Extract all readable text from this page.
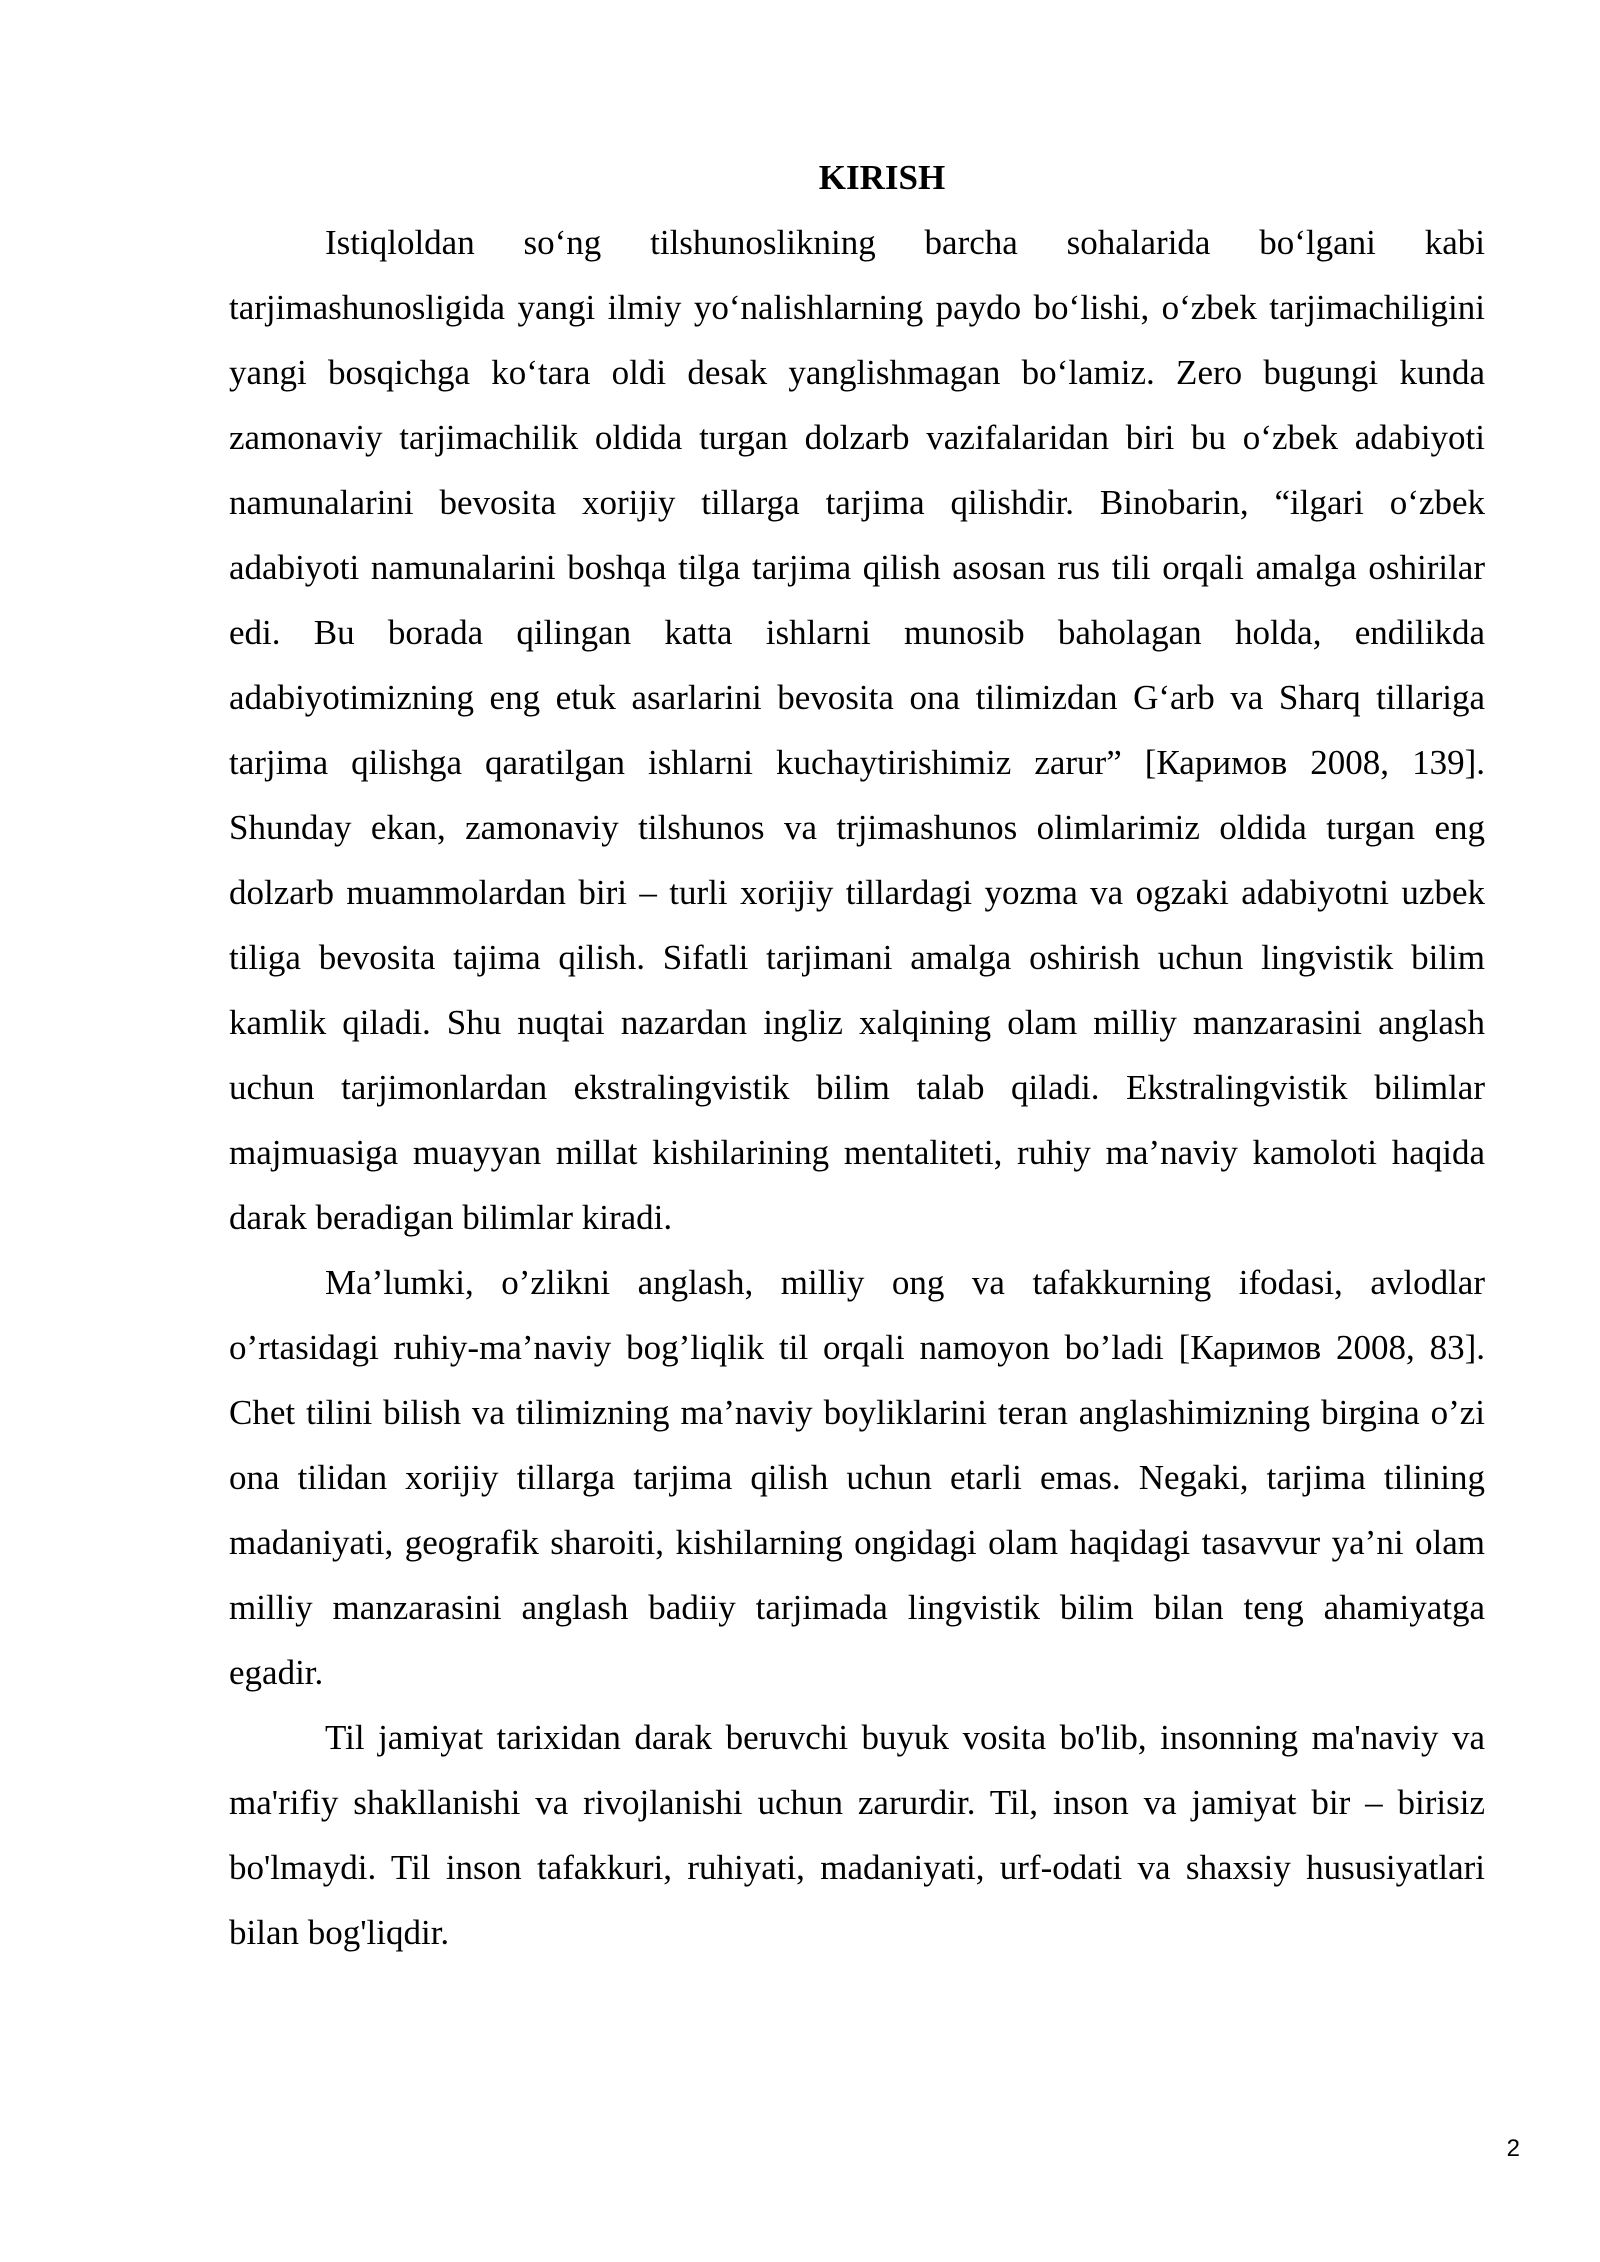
KIRISH

Istiqloldan so‘ng tilshunoslikning barcha sohalarida bo‘lgani kabi tarjimashunosligida yangi ilmiy yo‘nalishlarning paydo bo‘lishi, o‘zbek tarjimachiligini yangi bosqichga ko‘tara oldi desak yanglishmagan bo‘lamiz. Zero bugungi kunda zamonaviy tarjimachilik oldida turgan dolzarb vazifalaridan biri bu o‘zbek adabiyoti namunalarini bevosita xorijiy tillarga tarjima qilishdir. Binobarin, “ilgari o‘zbek adabiyoti namunalarini boshqa tilga tarjima qilish asosan rus tili orqali amalga oshirilar edi. Bu borada qilingan katta ishlarni munosib baholagan holda, endilikda adabiyotimizning eng etuk asarlarini bevosita ona tilimizdan G‘arb va Sharq tillariga tarjima qilishga qaratilgan ishlarni kuchaytirishimiz zarur” [Каримов 2008, 139]. Shunday ekan, zamonaviy tilshunos va trjimashunos olimlarimiz oldida turgan eng dolzarb muammolardan biri – turli xorijiy tillardagi yozma va ogzaki adabiyotni uzbek tiliga bevosita tajima qilish. Sifatli tarjimani amalga oshirish uchun lingvistik bilim kamlik qiladi. Shu nuqtai nazardan ingliz xalqining olam milliy manzarasini anglash uchun tarjimonlardan ekstralingvistik bilim talab qiladi. Ekstralingvistik bilimlar majmuasiga muayyan millat kishilarining mentaliteti, ruhiy ma’naviy kamoloti haqida darak beradigan bilimlar kiradi.

Ma’lumki, o’zlikni anglash, milliy ong va tafakkurning ifodasi, avlodlar o’rtasidagi ruhiy-ma’naviy bog’liqlik til orqali namoyon bo’ladi [Каримов 2008, 83]. Chet tilini bilish va tilimizning ma’naviy boyliklarini teran anglashimizning birgina o’zi ona tilidan xorijiy tillarga tarjima qilish uchun etarli emas. Negaki, tarjima tilining madaniyati, geografik sharoiti, kishilarning ongidagi olam haqidagi tasavvur ya’ni olam milliy manzarasini anglash badiiy tarjimada lingvistik bilim bilan teng ahamiyatga egadir.

Til jamiyat tarixidan darak beruvchi buyuk vosita bo'lib, insonning ma'naviy va ma'rifiy shakllanishi va rivojlanishi uchun zarurdir. Til, inson va jamiyat bir – birisiz bo'lmaydi. Til inson tafakkuri, ruhiyati, madaniyati, urf-odati va shaxsiy hususiyatlari bilan bog'liqdir.

2
